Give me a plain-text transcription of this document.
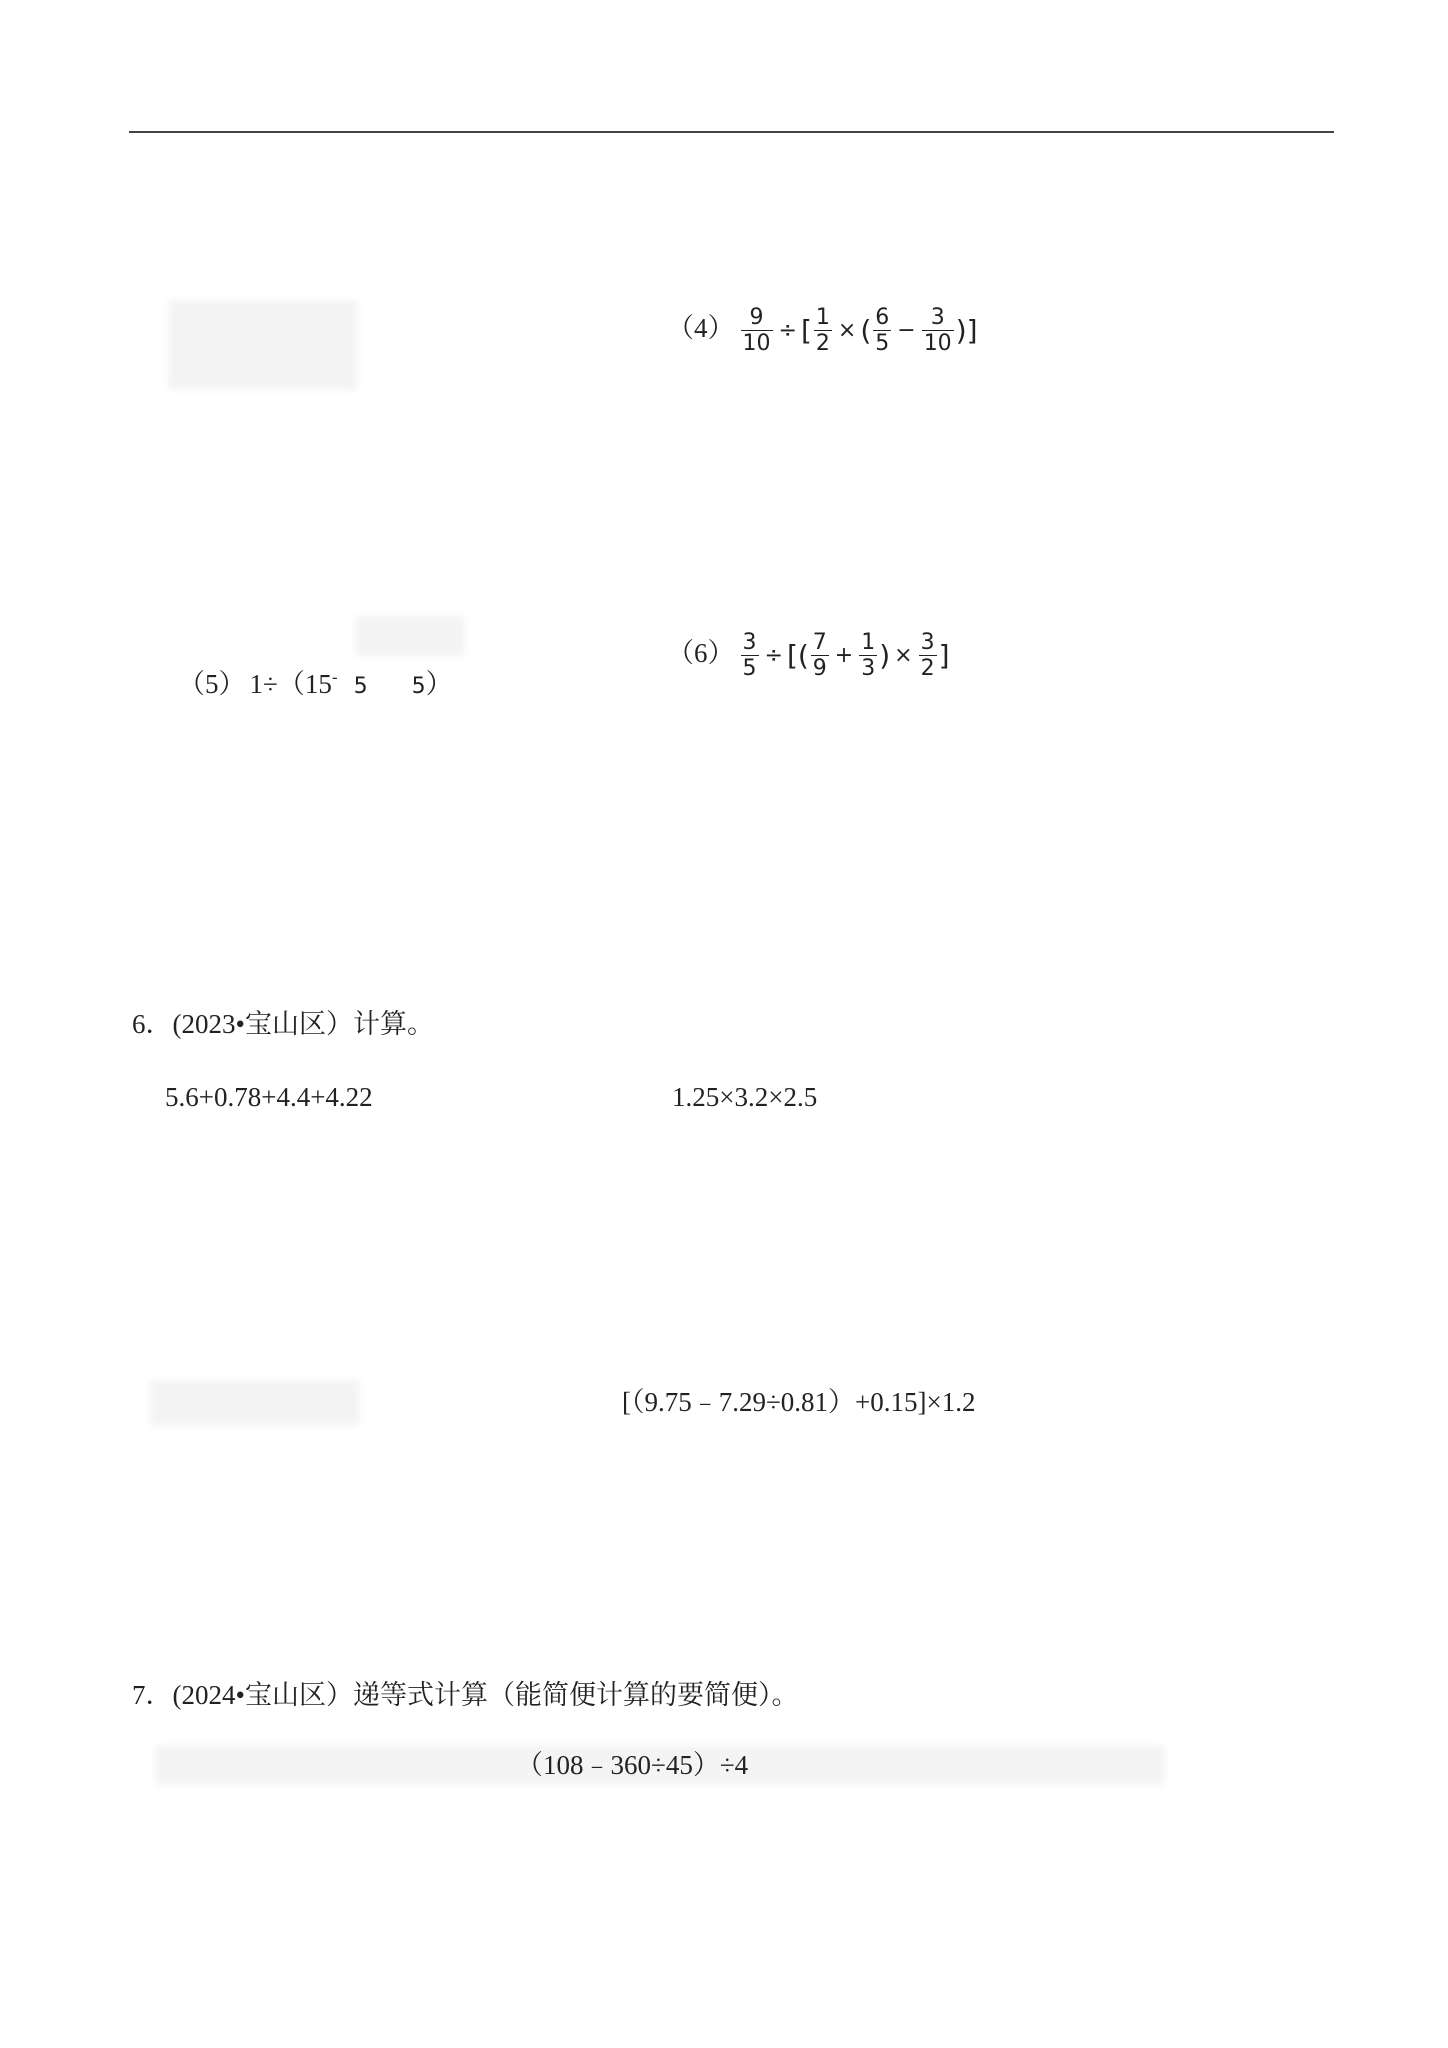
$(4) \frac{9}{10}$ ÷ [ $\frac{1}{2}$ × ( $\frac{6}{5} - \frac{3}{10}$ )]
（5） 1÷（15- 5 5）
$(6) \frac{3}{5}$ ÷ [( $\frac{7}{9} + \frac{1}{3}$ ) × $\frac{3}{2}$ ]
6．(2023•宝山区）计算。
5.6+0.78+4.4+4.22	1.25×3.2×2.5
[（9.75﹣7.29÷0.81）+0.15]×1.2
7．(2024•宝山区）递等式计算（能简便计算的要简便）。
（108﹣360÷45）÷4
